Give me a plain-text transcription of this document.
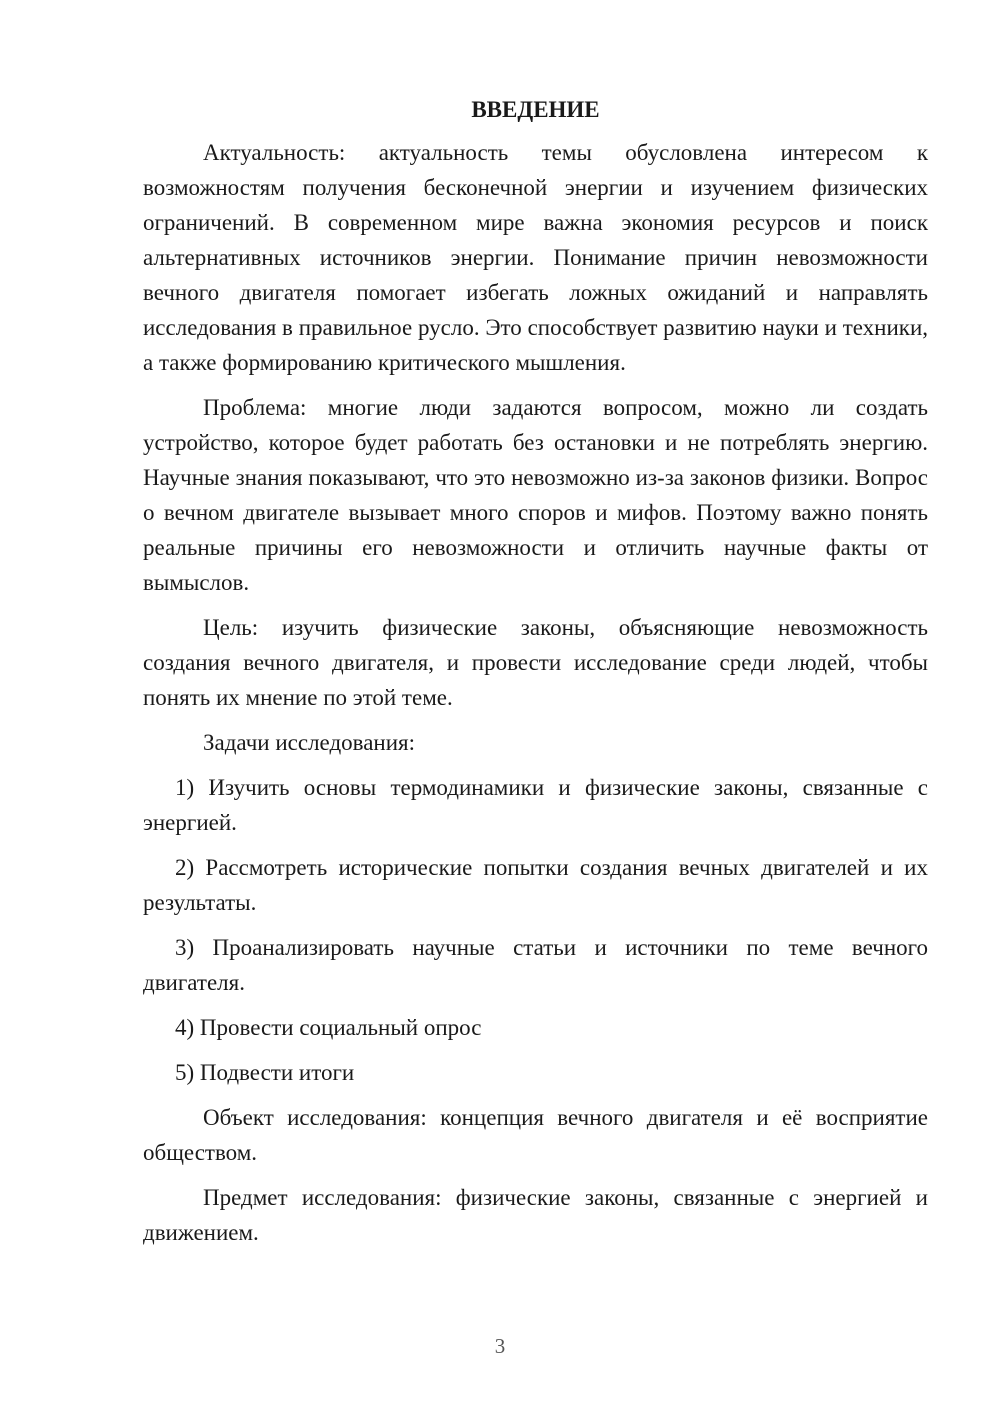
ВВЕДЕНИЕ

Актуальность: актуальность темы обусловлена интересом к возможностям получения бесконечной энергии и изучением физических ограничений. В современном мире важна экономия ресурсов и поиск альтернативных источников энергии. Понимание причин невозможности вечного двигателя помогает избегать ложных ожиданий и направлять исследования в правильное русло. Это способствует развитию науки и техники, а также формированию критического мышления.

Проблема: многие люди задаются вопросом, можно ли создать устройство, которое будет работать без остановки и не потреблять энергию. Научные знания показывают, что это невозможно из-за законов физики. Вопрос о вечном двигателе вызывает много споров и мифов. Поэтому важно понять реальные причины его невозможности и отличить научные факты от вымыслов.

Цель: изучить физические законы, объясняющие невозможность создания вечного двигателя, и провести исследование среди людей, чтобы понять их мнение по этой теме.

Задачи исследования:

1) Изучить основы термодинамики и физические законы, связанные с энергией.

2) Рассмотреть исторические попытки создания вечных двигателей и их результаты.

3) Проанализировать научные статьи и источники по теме вечного двигателя.

4) Провести социальный опрос

5) Подвести итоги

Объект исследования: концепция вечного двигателя и её восприятие обществом.

Предмет исследования: физические законы, связанные с энергией и движением.

3
